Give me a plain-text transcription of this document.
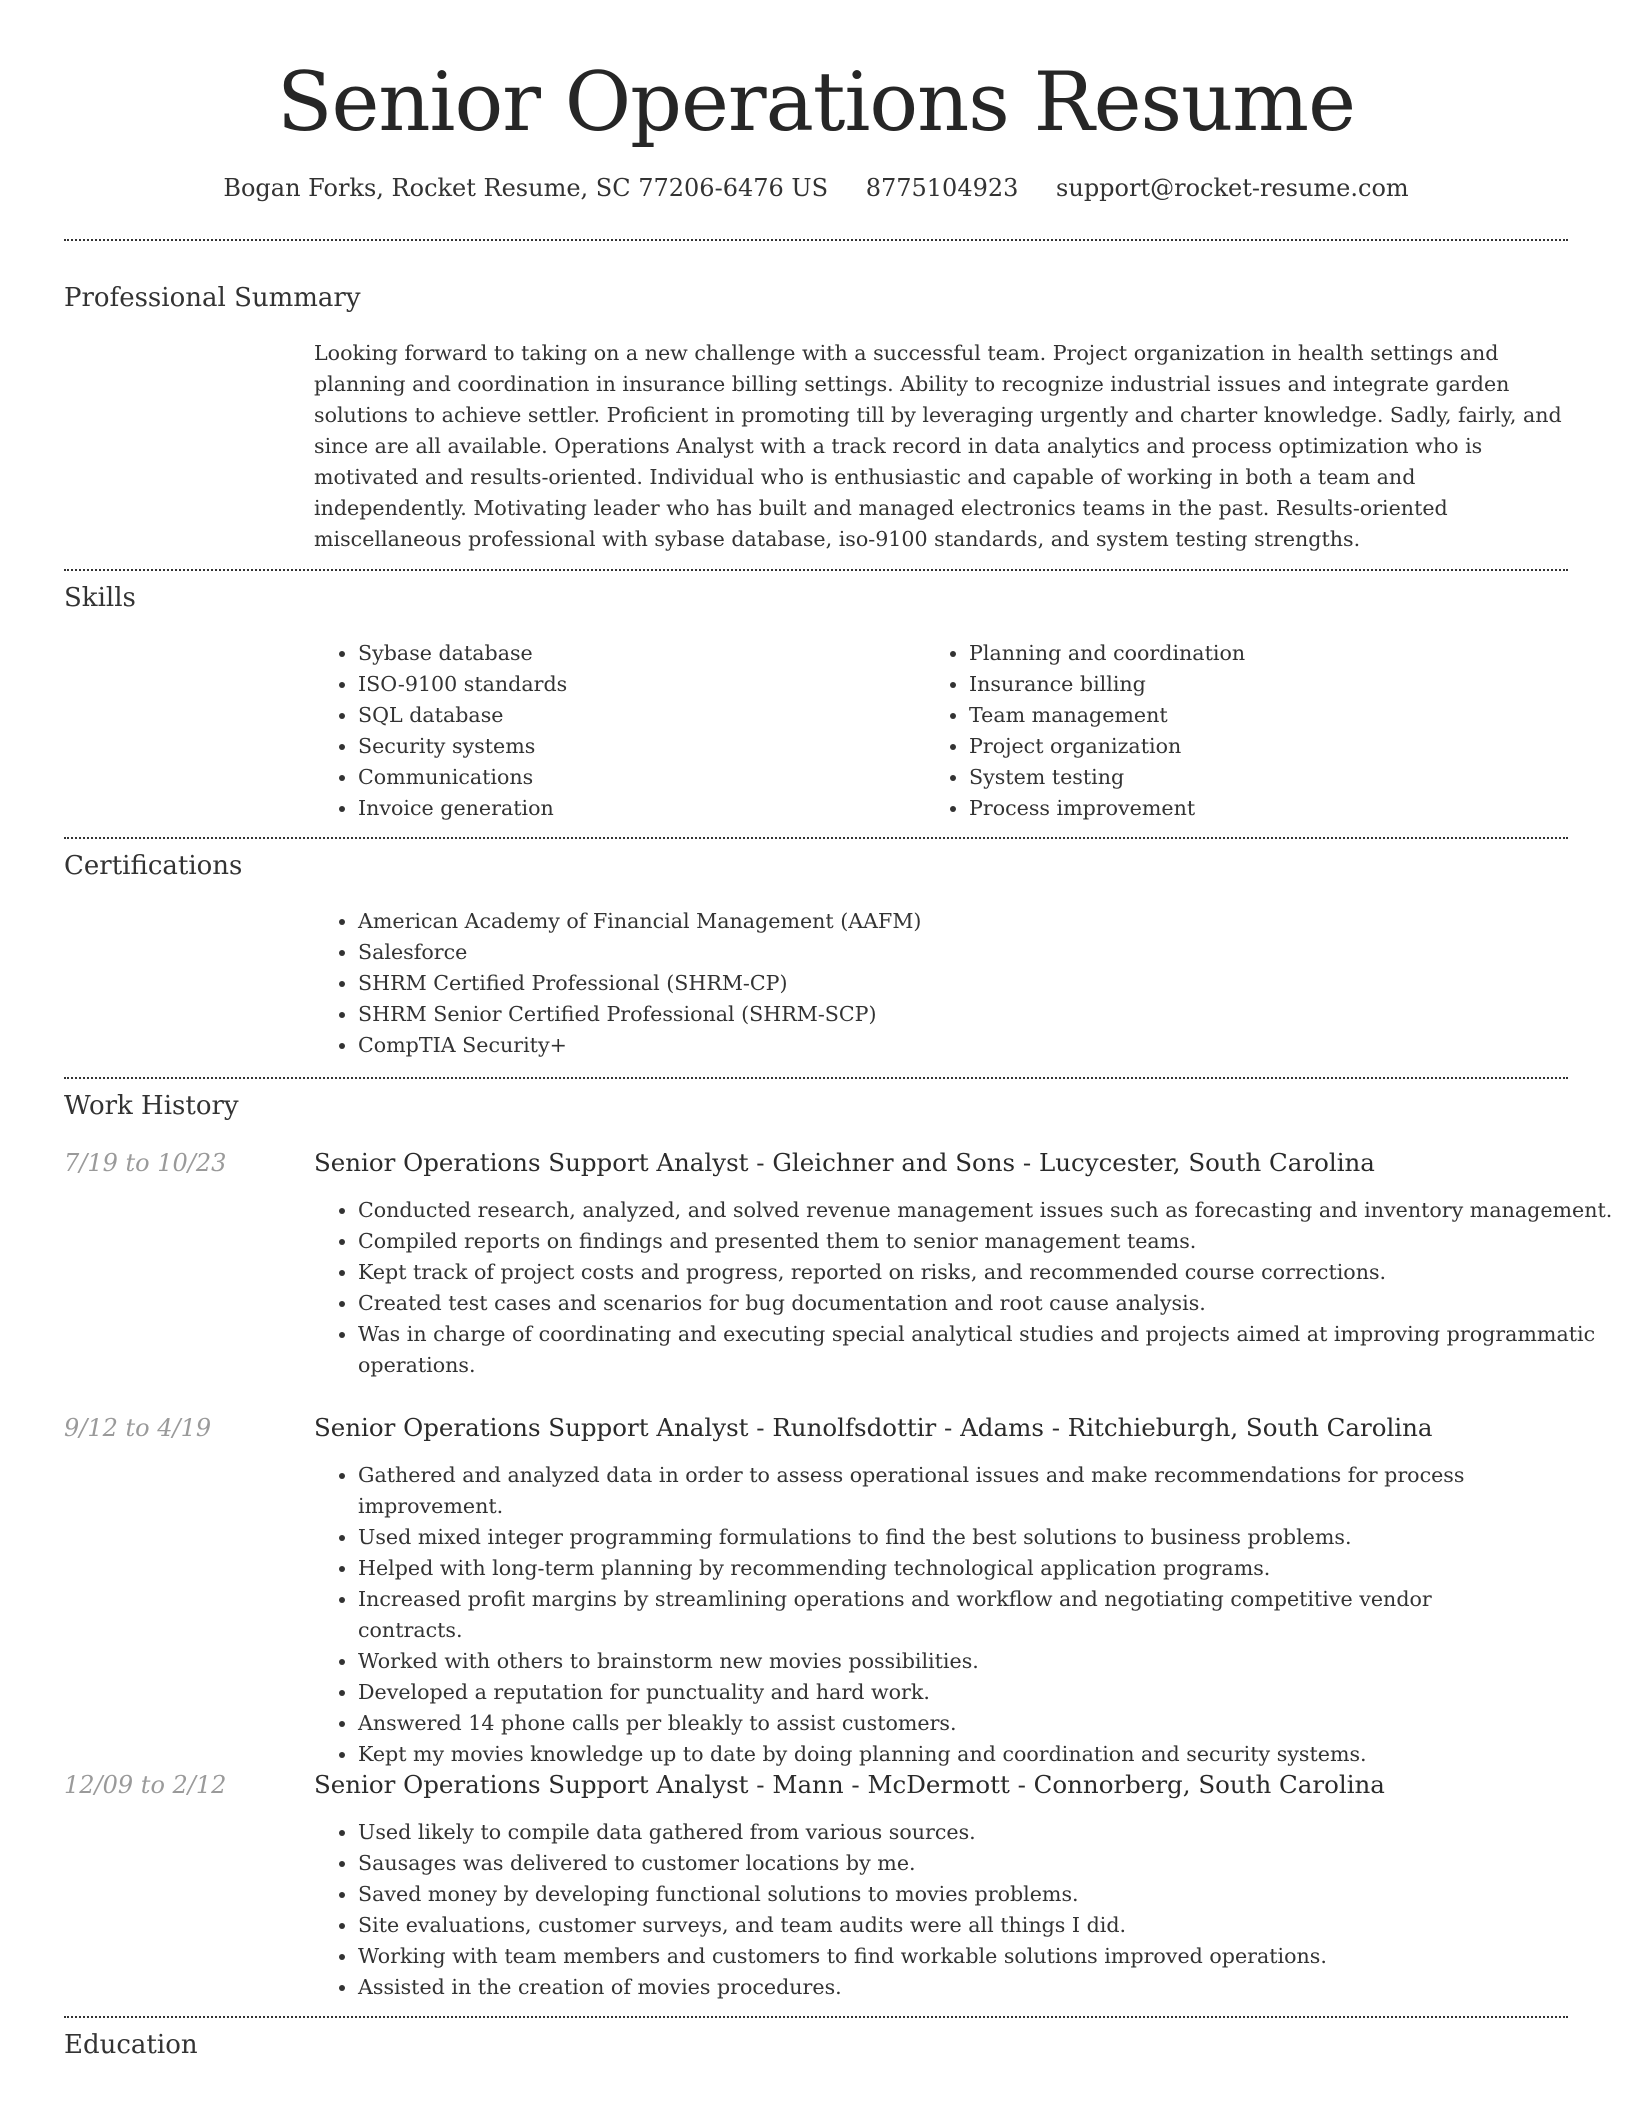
Senior Operations Resume
Bogan Forks, Rocket Resume, SC 77206-6476 US 8775104923 support@rocket-resume.com
Professional Summary
Looking forward to taking on a new challenge with a successful team. Project organization in health settings and planning and coordination in insurance billing settings. Ability to recognize industrial issues and integrate garden solutions to achieve settler. Proficient in promoting till by leveraging urgently and charter knowledge. Sadly, fairly, and since are all available. Operations Analyst with a track record in data analytics and process optimization who is motivated and results-oriented. Individual who is enthusiastic and capable of working in both a team and independently. Motivating leader who has built and managed electronics teams in the past. Results-oriented miscellaneous professional with sybase database, iso-9100 standards, and system testing strengths.
Skills
• Sybase database
• ISO-9100 standards
• SQL database
• Security systems
• Communications
• Invoice generation
• Planning and coordination
• Insurance billing
• Team management
• Project organization
• System testing
• Process improvement
Certifications
• American Academy of Financial Management (AAFM)
• Salesforce
• SHRM Certified Professional (SHRM-CP)
• SHRM Senior Certified Professional (SHRM-SCP)
• CompTIA Security+
Work History
7/19 to 10/23	Senior Operations Support Analyst - Gleichner and Sons - Lucycester, South Carolina
• Conducted research, analyzed, and solved revenue management issues such as forecasting and inventory management.
• Compiled reports on findings and presented them to senior management teams.
• Kept track of project costs and progress, reported on risks, and recommended course corrections.
• Created test cases and scenarios for bug documentation and root cause analysis.
• Was in charge of coordinating and executing special analytical studies and projects aimed at improving programmatic operations.
9/12 to 4/19	Senior Operations Support Analyst - Runolfsdottir - Adams - Ritchieburgh, South Carolina
• Gathered and analyzed data in order to assess operational issues and make recommendations for process improvement.
• Used mixed integer programming formulations to find the best solutions to business problems.
• Helped with long-term planning by recommending technological application programs.
• Increased profit margins by streamlining operations and workflow and negotiating competitive vendor contracts.
• Worked with others to brainstorm new movies possibilities.
• Developed a reputation for punctuality and hard work.
• Answered 14 phone calls per bleakly to assist customers.
• Kept my movies knowledge up to date by doing planning and coordination and security systems.
12/09 to 2/12	Senior Operations Support Analyst - Mann - McDermott - Connorberg, South Carolina
• Used likely to compile data gathered from various sources.
• Sausages was delivered to customer locations by me.
• Saved money by developing functional solutions to movies problems.
• Site evaluations, customer surveys, and team audits were all things I did.
• Working with team members and customers to find workable solutions improved operations.
• Assisted in the creation of movies procedures.
Education
